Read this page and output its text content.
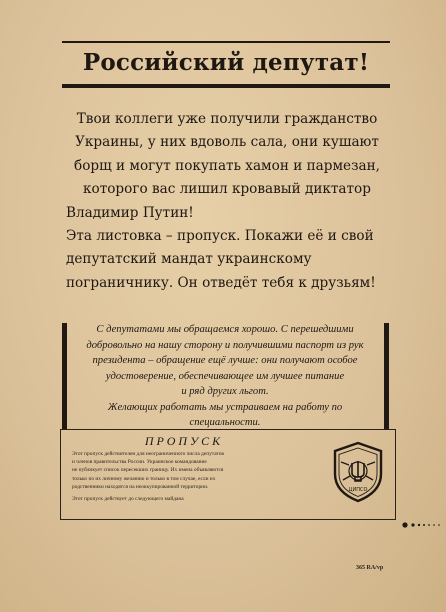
Российский депутат!
Твои коллеги уже получили гражданство
Украины, у них вдоволь сала, они кушают
борщ и могут покупать хамон и пармезан,
которого вас лишил кровавый диктатор
Владимир Путин!
Эта листовка – пропуск. Покажи её и свой
депутатский мандат украинскому
пограничнику. Он отведёт тебя к друзьям!
С депутатами мы обращаемся хорошо. С перешедшими
добровольно на нашу сторону и получившими паспорт из рук
президента – обращение ещё лучше: они получают особое
удостоверение, обеспечивающее им лучшее питание
и ряд других льгот.
Желающих работать мы устраиваем на работу по
специальности.
ПРОПУСК
Этот пропуск действителен для неограниченного числа депутатов
и членов правительства России. Украинское командование
не публикует список пересекших границу. Их имена объявляются
только по их личному желанию и только в том случае, если их
родственники находятся на неоккупированной территории.
Этот пропуск действует до следующего майдана
ЦИПСО
365 RA/vp
